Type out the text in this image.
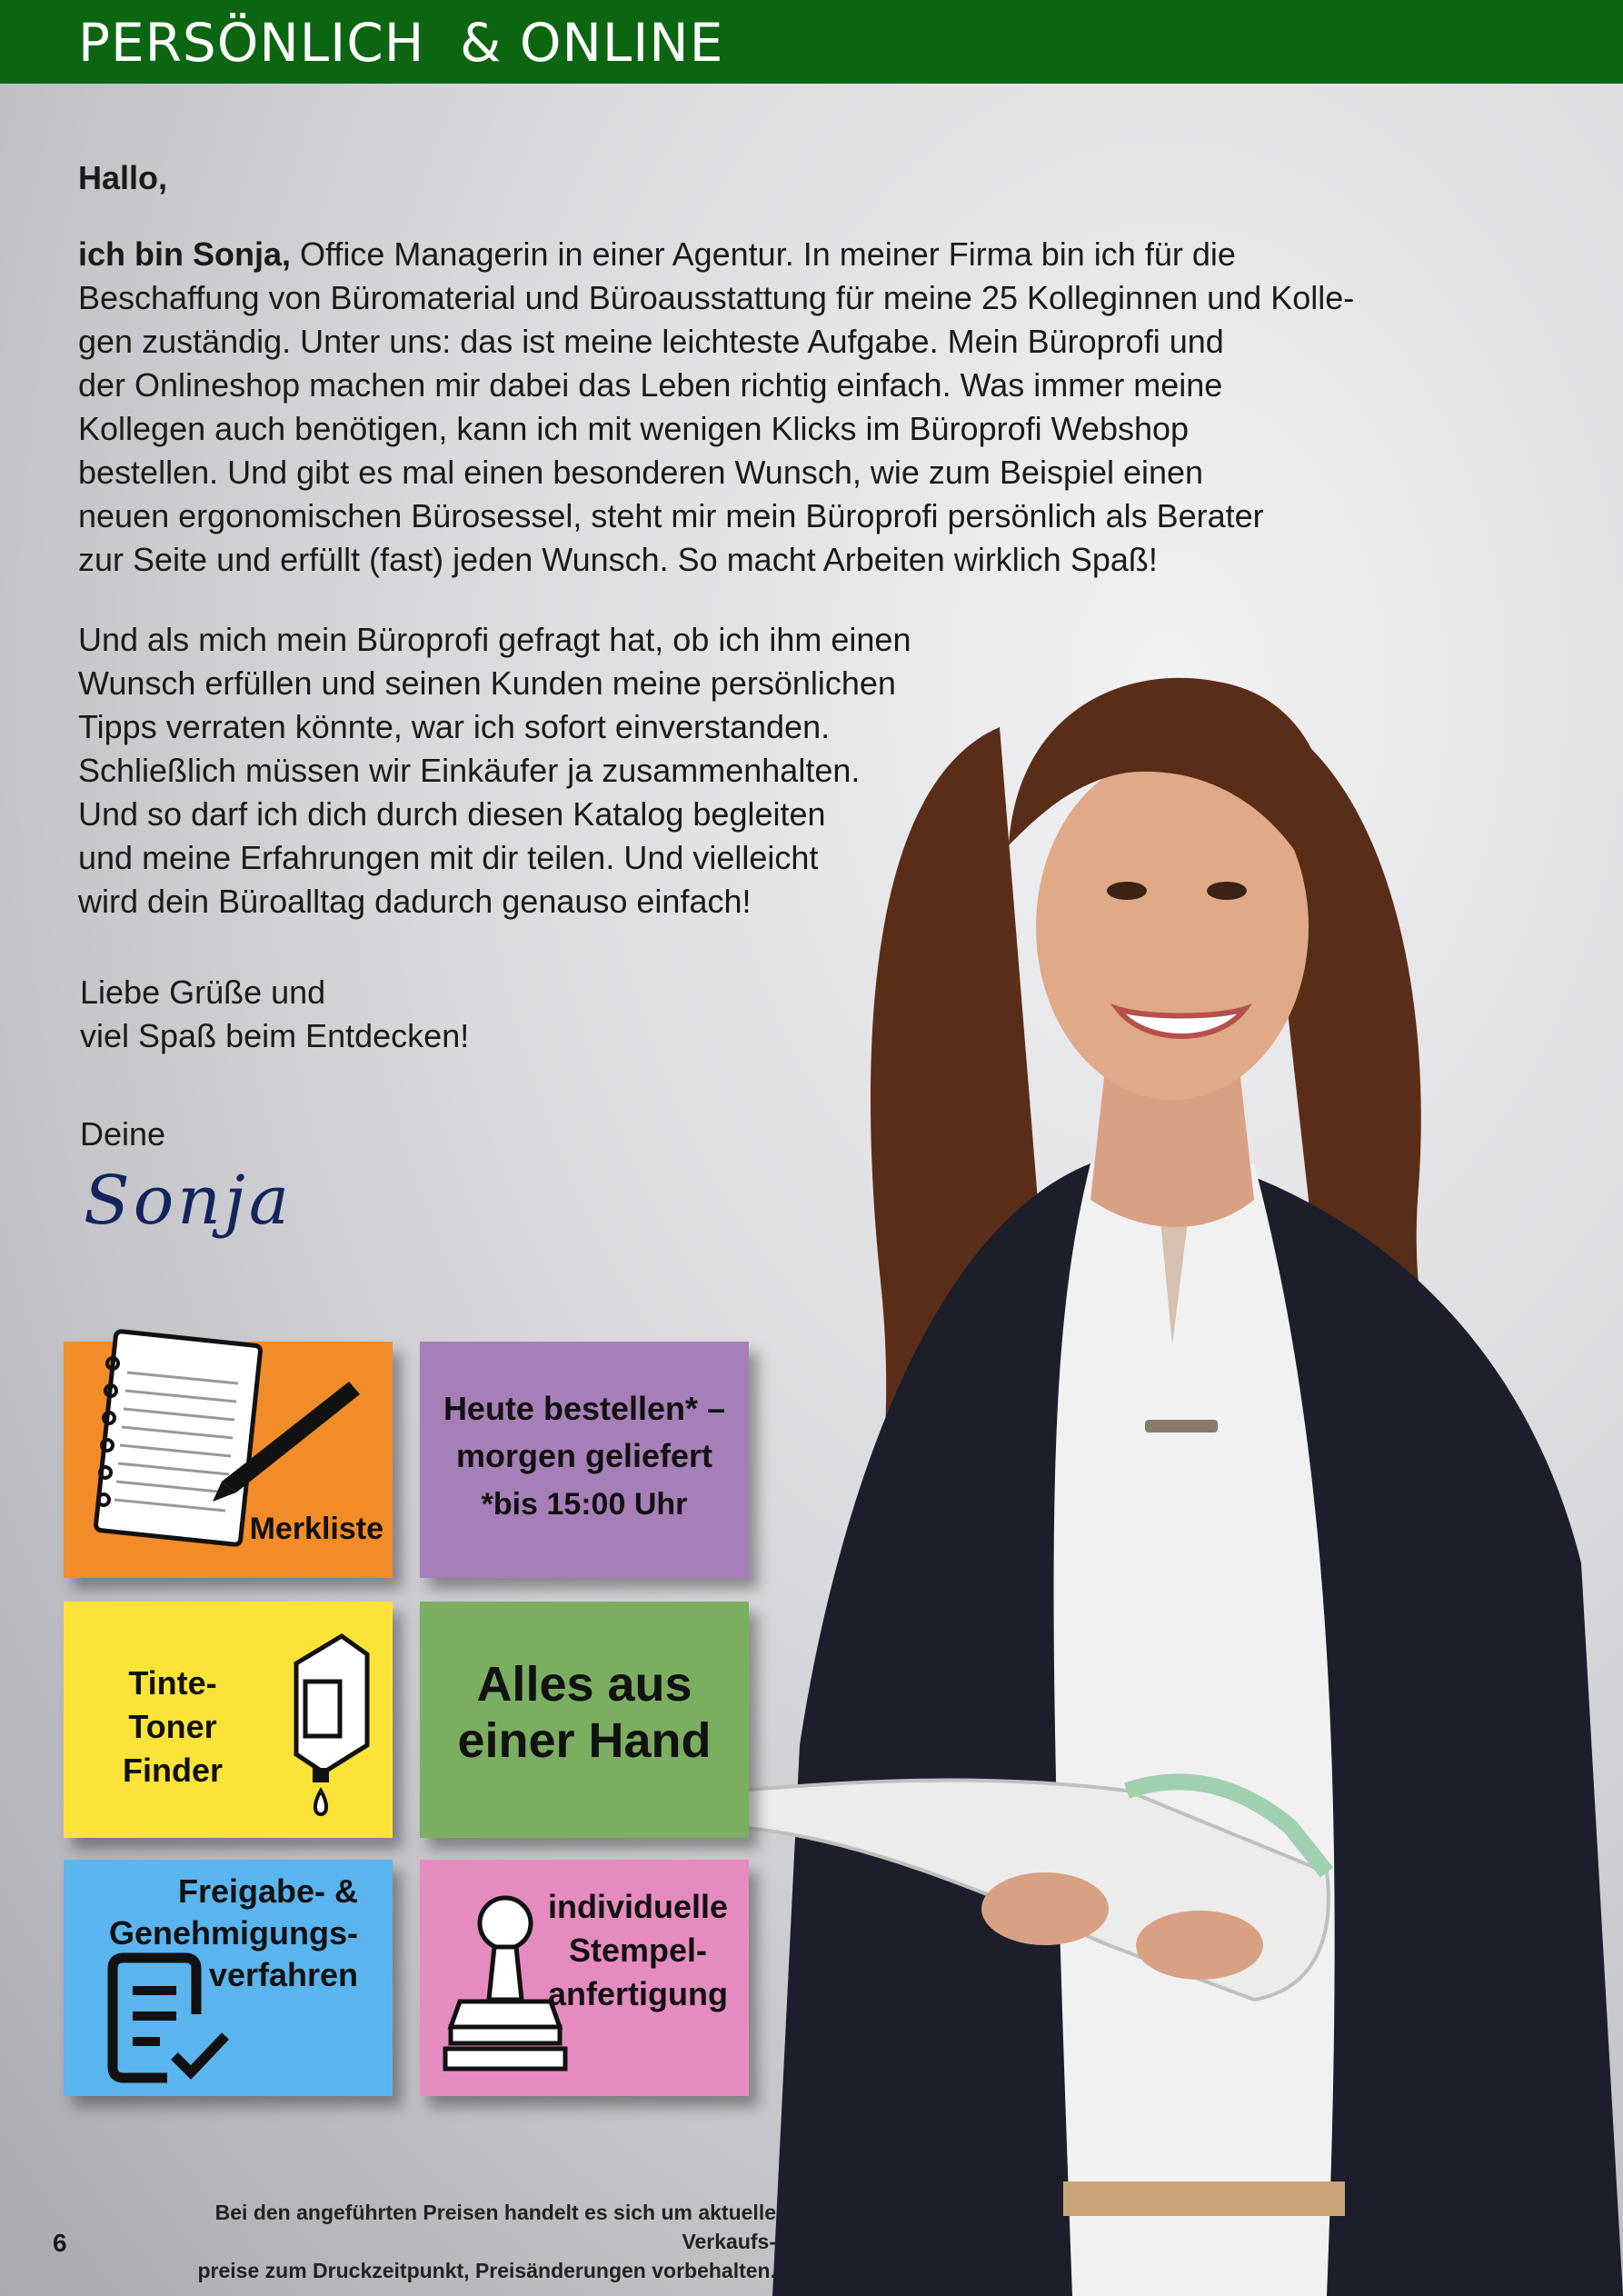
PERSÖNLICH  & ONLINE
Hallo,
ich bin Sonja, Office Managerin in einer Agentur. In meiner Firma bin ich für die
Beschaffung von Büromaterial und Büroausstattung für meine 25 Kolleginnen und Kolle-
gen zuständig. Unter uns: das ist meine leichteste Aufgabe. Mein Büroprofi und
der Onlineshop machen mir dabei das Leben richtig einfach. Was immer meine
Kollegen auch benötigen, kann ich mit wenigen Klicks im Büroprofi Webshop
bestellen. Und gibt es mal einen besonderen Wunsch, wie zum Beispiel einen
neuen ergonomischen Bürosessel, steht mir mein Büroprofi persönlich als Berater
zur Seite und erfüllt (fast) jeden Wunsch. So macht Arbeiten wirklich Spaß!
Und als mich mein Büroprofi gefragt hat, ob ich ihm einen
Wunsch erfüllen und seinen Kunden meine persönlichen
Tipps verraten könnte, war ich sofort einverstanden.
Schließlich müssen wir Einkäufer ja zusammenhalten.
Und so darf ich dich durch diesen Katalog begleiten
und meine Erfahrungen mit dir teilen. Und vielleicht
wird dein Büroalltag dadurch genauso einfach!
Liebe Grüße und
viel Spaß beim Entdecken!
Deine
Sonja
Merkliste
Heute bestellen* –
morgen geliefert
*bis 15:00 Uhr
Tinte-Toner
Finder
Alles aus
einer Hand
Freigabe- &
Genehmigungs-
verfahren
individuelle
Stempel-
anfertigung
6
Bei den angeführten Preisen handelt es sich um aktuelle Verkaufs-
preise zum Druckzeitpunkt, Preisänderungen vorbehalten.
